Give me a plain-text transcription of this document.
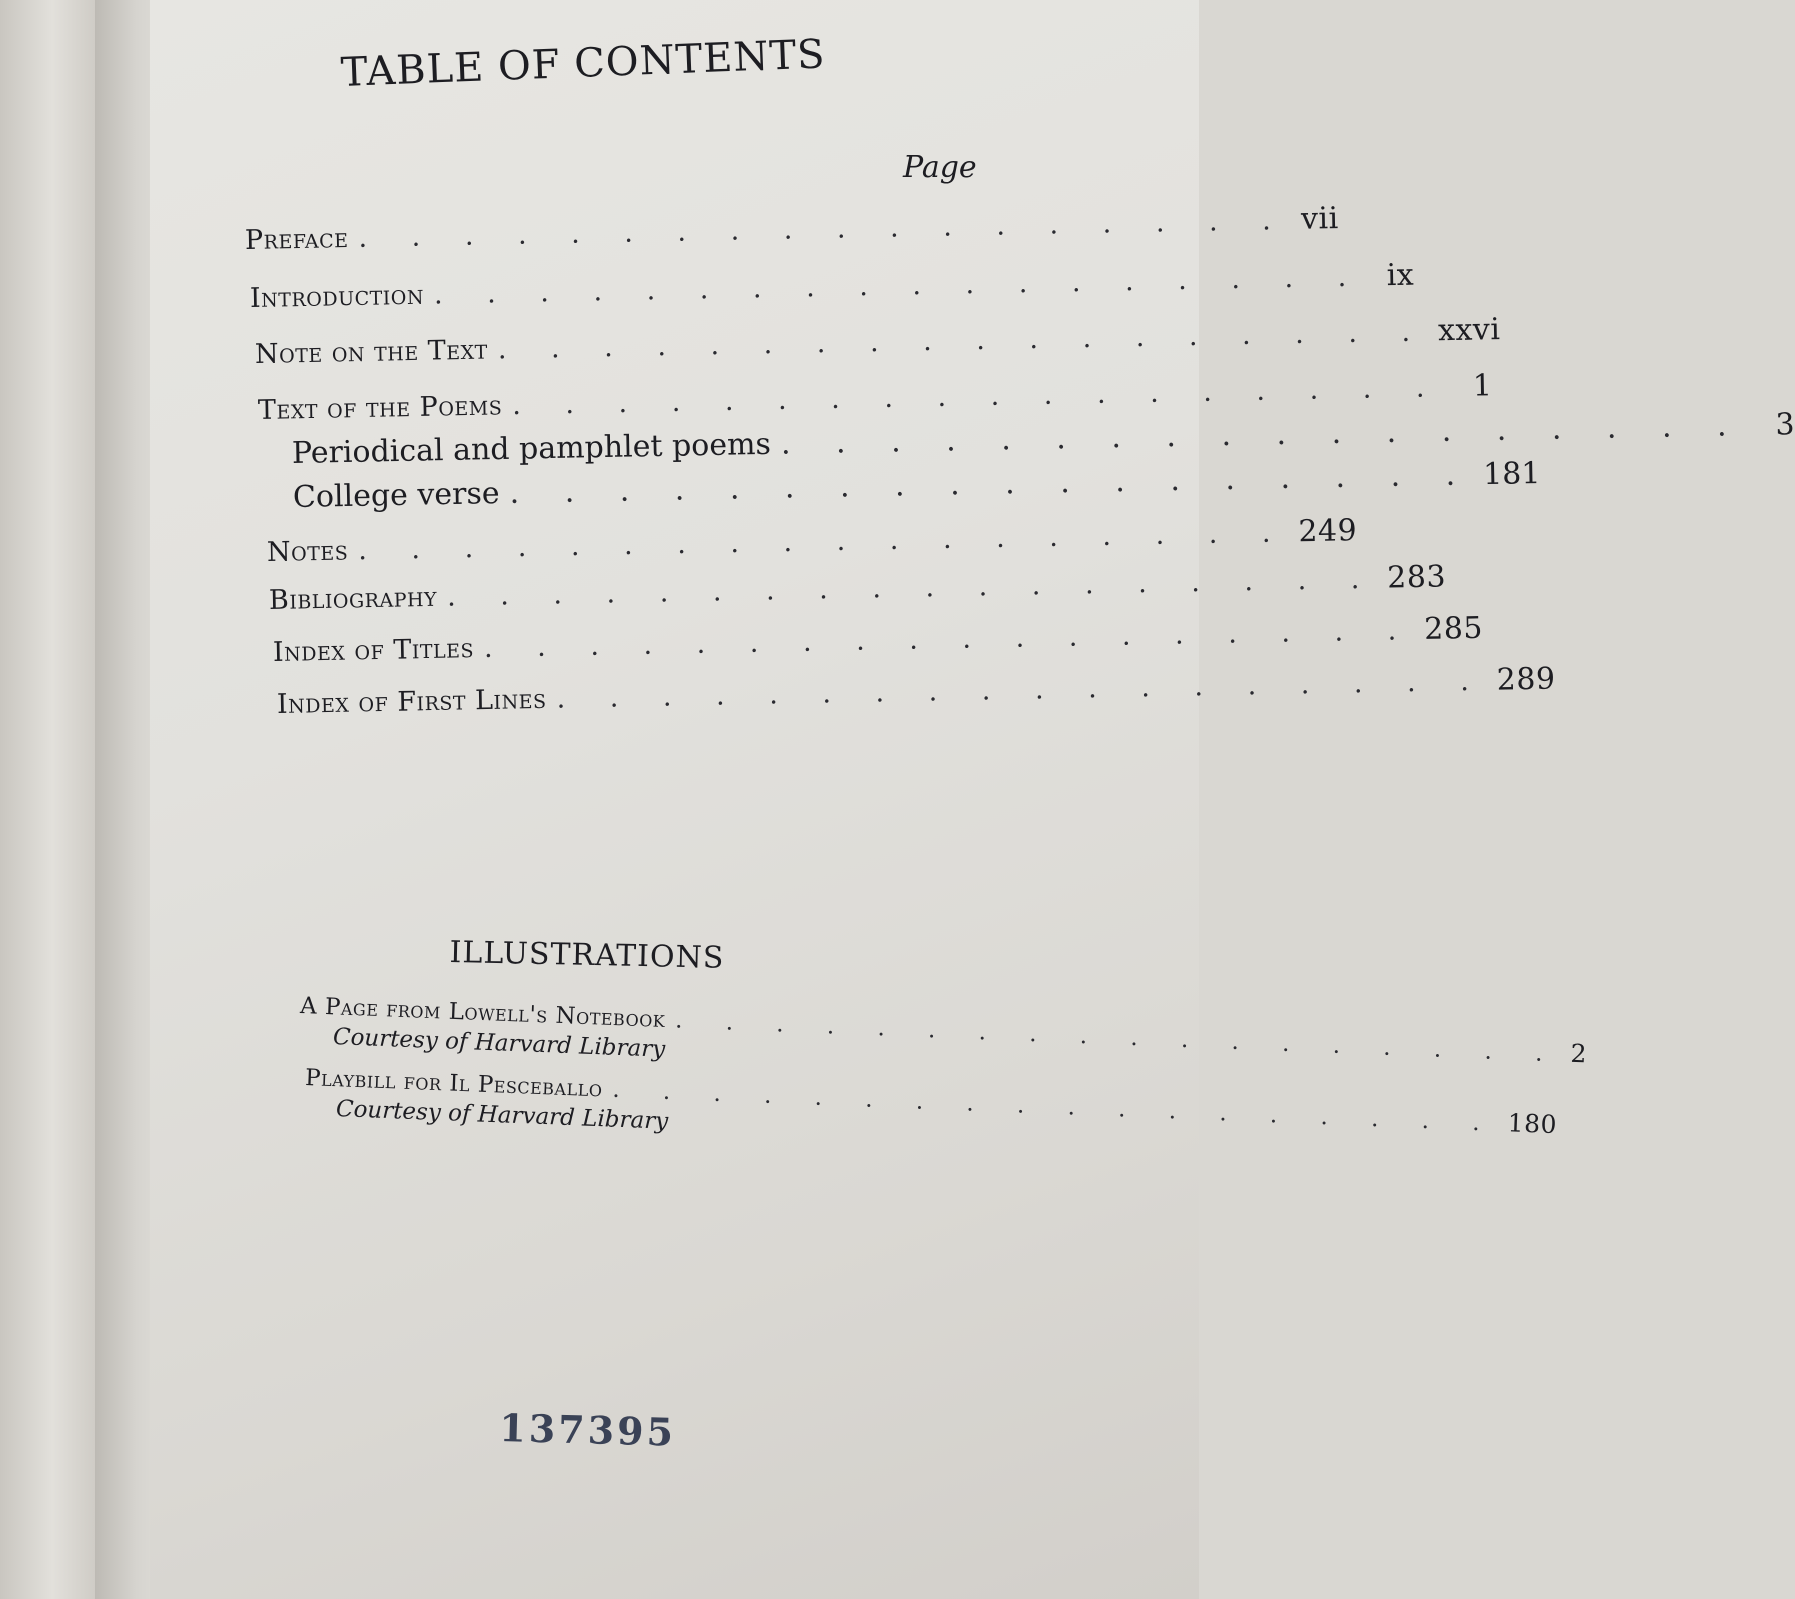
TABLE OF CONTENTS
Page
Preface . . . . . . . . . . . . . . . . . . vii
Introduction . . . . . . . . . . . . . . . . . . ix
Note on the Text . . . . . . . . . . . . . . . . . . xxvi
Text of the Poems . . . . . . . . . . . . . . . . . . 1
Periodical and pamphlet poems . . . . . . . . . . . . . . . . . .	3
College verse . . . . . . . . . . . . . . . . . . 181
Notes . . . . . . . . . . . . . . . . . . 249
Bibliography . . . . . . . . . . . . . . . . . . 283
Index of Titles . . . . . . . . . . . . . . . . . . 285
Index of First Lines . . . . . . . . . . . . . . . . . . 289
ILLUSTRATIONS
A Page from Lowell's Notebook . . . . . . . . . . . . . . . . . . 2
Courtesy of Harvard Library
Playbill for Il Pesceballo . . . . . . . . . . . . . . . . . . 180
Courtesy of Harvard Library
137395
